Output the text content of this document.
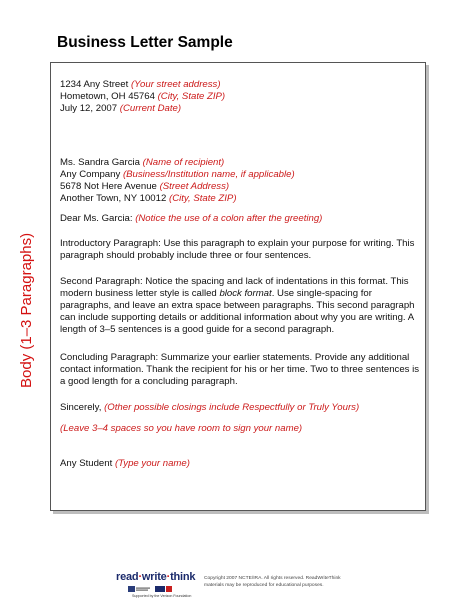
Business Letter Sample
Body (1–3 Paragraphs)
1234 Any Street (Your street address)
Hometown, OH 45764 (City, State ZIP)
July 12, 2007 (Current Date)
Ms. Sandra Garcia (Name of recipient)
Any Company (Business/Institution name, if applicable)
5678 Not Here Avenue (Street Address)
Another Town, NY 10012 (City, State ZIP)
Dear Ms. Garcia: (Notice the use of a colon after the greeting)
Introductory Paragraph: Use this paragraph to explain your purpose for writing. This paragraph should probably include three or four sentences.
Second Paragraph: Notice the spacing and lack of indentations in this format. This modern business letter style is called block format. Use single-spacing for paragraphs, and leave an extra space between paragraphs. This second paragraph can include supporting details or additional information about why you are writing. A length of 3–5 sentences is a good guide for a second paragraph.
Concluding Paragraph: Summarize your earlier statements. Provide any additional contact information. Thank the recipient for his or her time. Two to three sentences is a good length for a concluding paragraph.
Sincerely, (Other possible closings include Respectfully or Truly Yours)
(Leave 3–4 spaces so you have room to sign your name)
Any Student (Type your name)
read·write·think
Supported by the Verizon Foundation
Copyright 2007 NCTE/IRA. All rights reserved. ReadWriteThink
materials may be reproduced for educational purposes.
